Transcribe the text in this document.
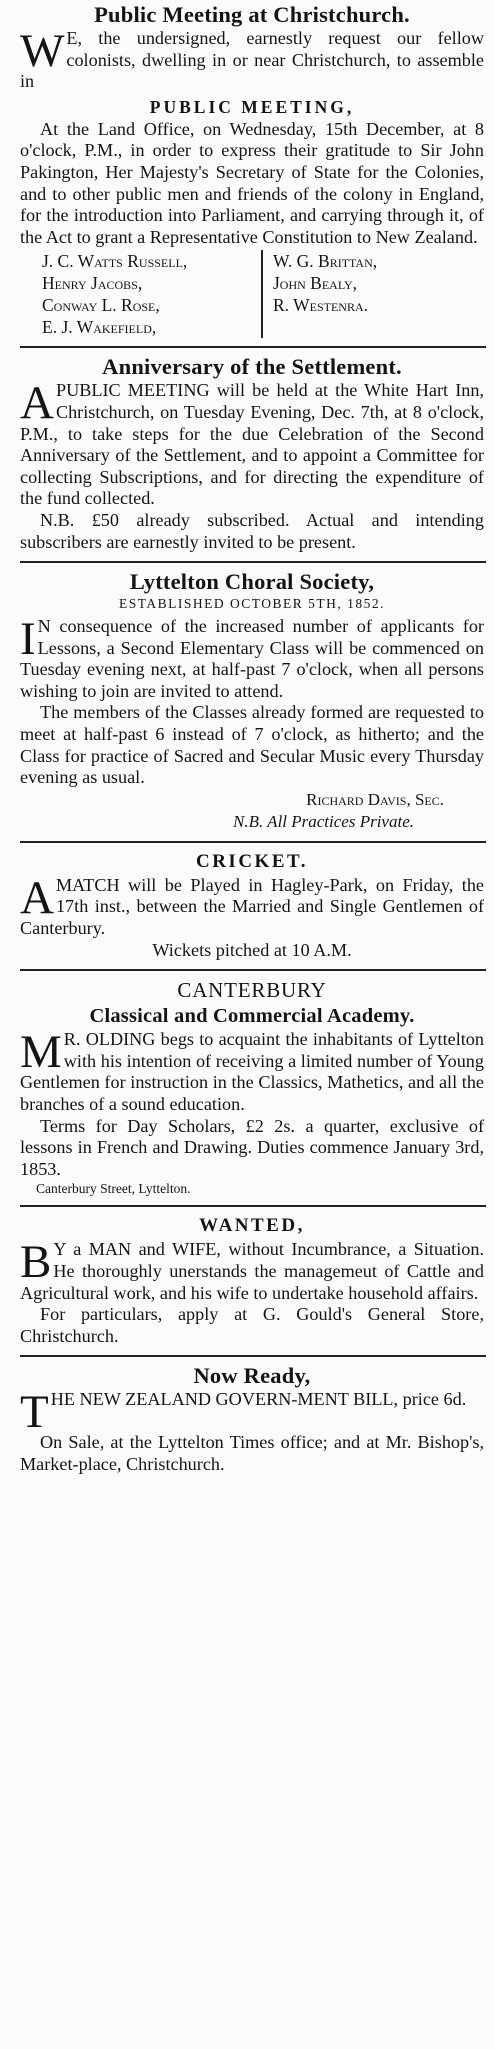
Public Meeting at Christchurch.
W E, the undersigned, earnestly request our fellow colonists, dwelling in or near Christchurch, to assemble in

PUBLIC MEETING,

At the Land Office, on Wednesday, 15th December, at 8 o'clock, P.M., in order to express their gratitude to Sir John Pakington, Her Majesty's Secretary of State for the Colonies, and to other public men and friends of the colony in England, for the introduction into Parliament, and carrying through it, of the Act to grant a Representative Constitution to New Zealand.

J. C. Watts Russell,
Henry Jacobs,
Conway L. Rose,
E. J. Wakefield,
W. G. Brittan,
John Bealy,
R. Westenra.
Anniversary of the Settlement.
A PUBLIC MEETING will be held at the White Hart Inn, Christchurch, on Tuesday Evening, Dec. 7th, at 8 o'clock, P.M., to take steps for the due Celebration of the Second Anniversary of the Settlement, and to appoint a Committee for collecting Subscriptions, and for directing the expenditure of the fund collected.

N.B. £50 already subscribed. Actual and intending subscribers are earnestly invited to be present.

Lyttelton Choral Society,
ESTABLISHED OCTOBER 5TH, 1852.
I N consequence of the increased number of applicants for Lessons, a Second Elementary Class will be commenced on Tuesday evening next, at half-past 7 o'clock, when all persons wishing to join are invited to attend.

The members of the Classes already formed are requested to meet at half-past 6 instead of 7 o'clock, as hitherto; and the Class for practice of Sacred and Secular Music every Thursday evening as usual.

Richard Davis, Sec.
N.B. All Practices Private.
CRICKET.
A MATCH will be Played in Hagley-Park, on Friday, the 17th inst., between the Married and Single Gentlemen of Canterbury.

Wickets pitched at 10 A.M.

CANTERBURY
Classical and Commercial Academy.
M R. OLDING begs to acquaint the inhabitants of Lyttelton with his intention of receiving a limited number of Young Gentlemen for instruction in the Classics, Mathetics, and all the branches of a sound education.

Terms for Day Scholars, £2 2s. a quarter, exclusive of lessons in French and Drawing. Duties commence January 3rd, 1853.

Canterbury Street, Lyttelton.
WANTED,
B Y a MAN and WIFE, without Incumbrance, a Situation. He thoroughly unerstands the managemeut of Cattle and Agricultural work, and his wife to undertake household affairs.

For particulars, apply at G. Gould's General Store, Christchurch.

Now Ready,
T HE NEW ZEALAND GOVERN-MENT BILL, price 6d.

On Sale, at the Lyttelton Times office; and at Mr. Bishop's, Market-place, Christchurch.
